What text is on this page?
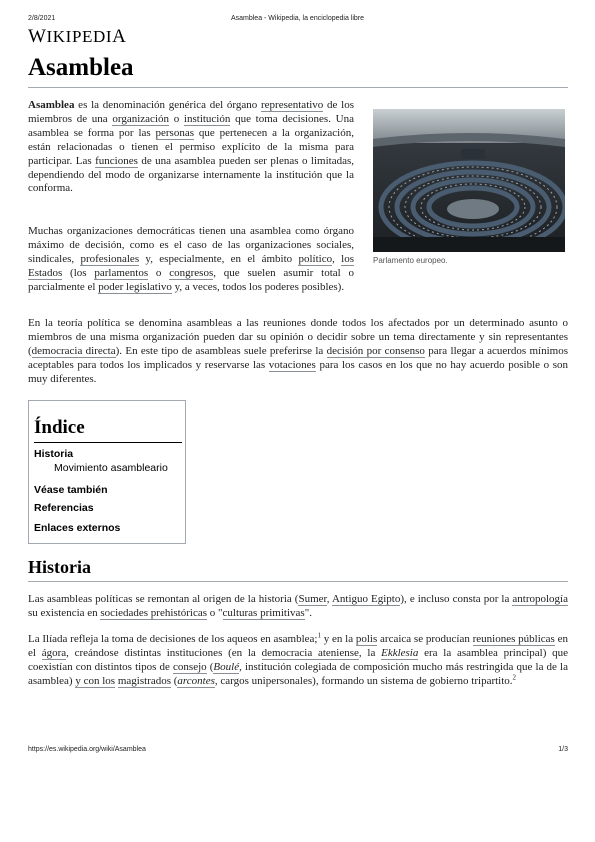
2/8/2021	Asamblea - Wikipedia, la enciclopedia libre
WIKIPEDIA
Asamblea

Asamblea es la denominación genérica del órgano representativo de los miembros de una organización o institución que toma decisiones. Una asamblea se forma por las personas que pertenecen a la organización, están relacionadas o tienen el permiso explícito de la misma para participar. Las funciones de una asamblea pueden ser plenas o limitadas, dependiendo del modo de organizarse internamente la institución que la conforma.

Parlamento europeo.

Muchas organizaciones democráticas tienen una asamblea como órgano máximo de decisión, como es el caso de las organizaciones sociales, sindicales, profesionales y, especialmente, en el ámbito político, los Estados (los parlamentos o congresos, que suelen asumir total o parcialmente el poder legislativo y, a veces, todos los poderes posibles).

En la teoría política se denomina asambleas a las reuniones donde todos los afectados por un determinado asunto o miembros de una misma organización pueden dar su opinión o decidir sobre un tema directamente y sin representantes (democracia directa). En este tipo de asambleas suele preferirse la decisión por consenso para llegar a acuerdos mínimos aceptables para todos los implicados y reservarse las votaciones para los casos en los que no hay acuerdo posible o son muy diferentes.

Índice
Historia
Movimiento asambleario
Véase también
Referencias
Enlaces externos
Historia

Las asambleas políticas se remontan al origen de la historia (Sumer, Antiguo Egipto), e incluso consta por la antropología su existencia en sociedades prehistóricas o "culturas primitivas".

La Ilíada refleja la toma de decisiones de los aqueos en asamblea;$^1$ y en la polis arcaica se producían reuniones públicas en el ágora, creándose distintas instituciones (en la democracia ateniense, la Ekklesia era la asamblea principal) que coexistían con distintos tipos de consejo (Boulé, institución colegiada de composición mucho más restringida que la de la asamblea) y con los magistrados (arcontes, cargos unipersonales), formando un sistema de gobierno tripartito.$^2$

https://es.wikipedia.org/wiki/Asamblea	1/3
